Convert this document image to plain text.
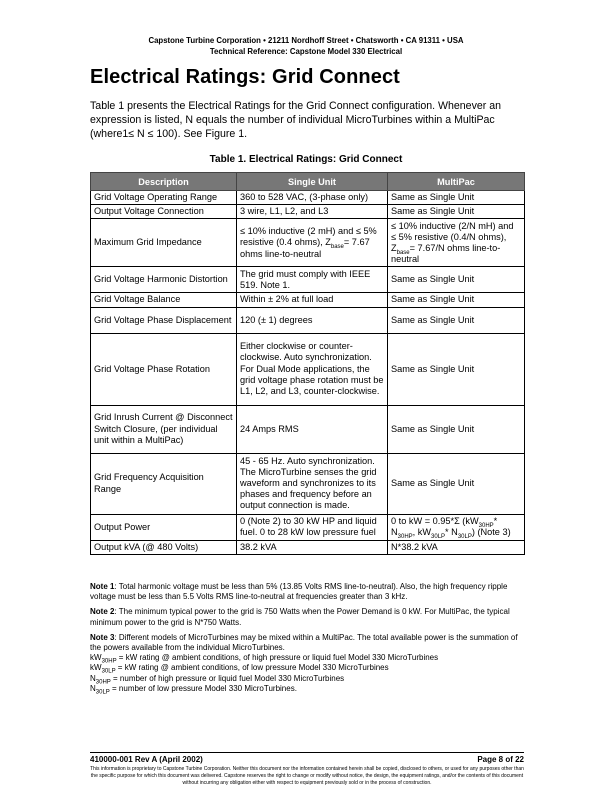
Capstone Turbine Corporation • 21211 Nordhoff Street • Chatsworth • CA 91311 • USA
Technical Reference: Capstone Model 330 Electrical
Electrical Ratings: Grid Connect

Table 1 presents the Electrical Ratings for the Grid Connect configuration. Whenever an expression is listed, N equals the number of individual MicroTurbines within a MultiPac (where1≤ N ≤ 100). See Figure 1.

Table 1. Electrical Ratings: Grid Connect
Description	Single Unit	MultiPac
Grid Voltage Operating Range	360 to 528 VAC, (3-phase only)	Same as Single Unit
Output Voltage Connection	3 wire, L1, L2, and L3	Same as Single Unit
Maximum Grid Impedance	≤ 10% inductive (2 mH) and ≤ 5% resistive (0.4 ohms), $Z_{base}= 7.67$ ohms line-to-neutral	≤ 10% inductive (2/N mH) and ≤ 5% resistive (0.4/N ohms), $Z_{base}= 7.67/N$ ohms line-to-neutral
Grid Voltage Harmonic Distortion	The grid must comply with IEEE 519. Note 1.	Same as Single Unit
Grid Voltage Balance	Within ± 2% at full load	Same as Single Unit
Grid Voltage Phase Displacement	120 (± 1) degrees	Same as Single Unit
Grid Voltage Phase Rotation	Either clockwise or counter-clockwise. Auto synchronization. For Dual Mode applications, the grid voltage phase rotation must be L1, L2, and L3, counter-clockwise.	Same as Single Unit
Grid Inrush Current @ Disconnect Switch Closure, (per individual unit within a MultiPac)	24 Amps RMS	Same as Single Unit
Grid Frequency Acquisition Range	45 - 65 Hz. Auto synchronization. The MicroTurbine senses the grid waveform and synchronizes to its phases and frequency before an output connection is made.	Same as Single Unit
Output Power	0 (Note 2) to 30 kW HP and liquid fuel. 0 to 28 kW low pressure fuel	0 to kW = 0.95*Σ ($kW_{30HP}*$ $N_{30HP}$, $kW_{30LP}*$ $N_{30LP}$) (Note 3)
Output kVA (@ 480 Volts)	38.2 kVA	N*38.2 kVA

Note 1: Total harmonic voltage must be less than 5% (13.85 Volts RMS line-to-neutral). Also, the high frequency ripple voltage must be less than 5.5 Volts RMS line-to-neutral at frequencies greater than 3 kHz.

Note 2: The minimum typical power to the grid is 750 Watts when the Power Demand is 0 kW. For MultiPac, the typical minimum power to the grid is N*750 Watts.

Note 3: Different models of MicroTurbines may be mixed within a MultiPac. The total available power is the summation of the powers available from the individual MicroTurbines.

$kW_{30HP}$ = kW rating @ ambient conditions, of high pressure or liquid fuel Model 330 MicroTurbines

$kW_{30LP}$ = kW rating @ ambient conditions, of low pressure Model 330 MicroTurbines

$N_{30HP}$ = number of high pressure or liquid fuel Model 330 MicroTurbines

$N_{30LP}$ = number of low pressure Model 330 MicroTurbines.

410000-001 Rev A (April 2002)	Page 8 of 22
This information is proprietary to Capstone Turbine Corporation. Neither this document nor the information contained herein shall be copied, disclosed to others, or used for any purposes other than the specific purpose for which this document was delivered. Capstone reserves the right to change or modify without notice, the design, the equipment ratings, and/or the contents of this document without incurring any obligation either with respect to equipment previously sold or in the process of construction.
